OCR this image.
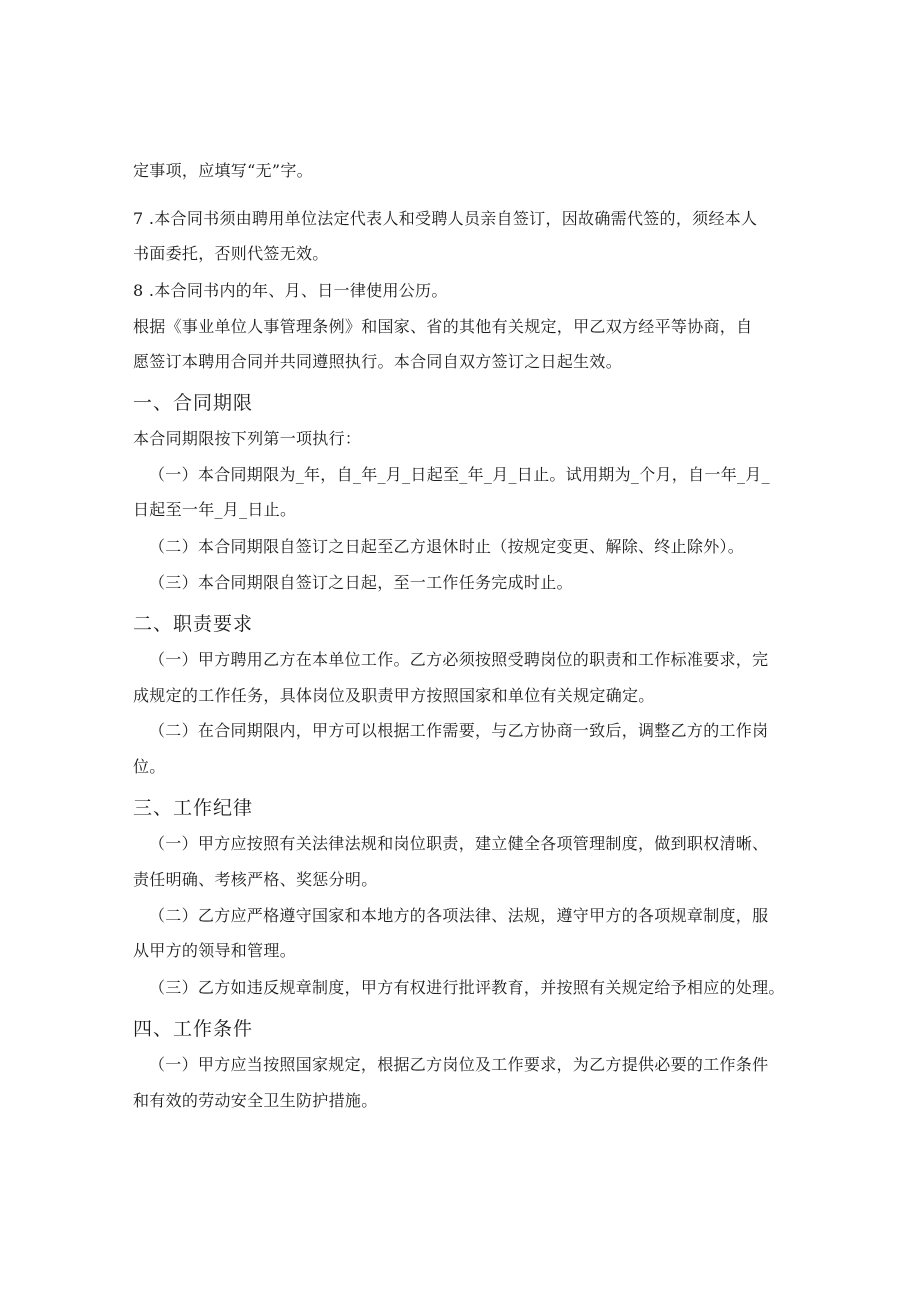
定事项，应填写“无”字。
7 .本合同书须由聘用单位法定代表人和受聘人员亲自签订，因故确需代签的，须经本人
书面委托，否则代签无效。
8 .本合同书内的年、月、日一律使用公历。
根据《事业单位人事管理条例》和国家、省的其他有关规定，甲乙双方经平等协商，自
愿签订本聘用合同并共同遵照执行。本合同自双方签订之日起生效。
一、合同期限
本合同期限按下列第一项执行：
（一）本合同期限为_年，自_年_月_日起至_年_月_日止。试用期为_个月，自一年_月_
日起至一年_月_日止。
（二）本合同期限自签订之日起至乙方退休时止（按规定变更、解除、终止除外）。
（三）本合同期限自签订之日起，至一工作任务完成时止。
二、职责要求
（一）甲方聘用乙方在本单位工作。乙方必须按照受聘岗位的职责和工作标准要求，完
成规定的工作任务，具体岗位及职责甲方按照国家和单位有关规定确定。
（二）在合同期限内，甲方可以根据工作需要，与乙方协商一致后，调整乙方的工作岗
位。
三、工作纪律
（一）甲方应按照有关法律法规和岗位职责，建立健全各项管理制度，做到职权清晰、
责任明确、考核严格、奖惩分明。
（二）乙方应严格遵守国家和本地方的各项法律、法规，遵守甲方的各项规章制度，服
从甲方的领导和管理。
（三）乙方如违反规章制度，甲方有权进行批评教育，并按照有关规定给予相应的处理。
四、工作条件
（一）甲方应当按照国家规定，根据乙方岗位及工作要求，为乙方提供必要的工作条件
和有效的劳动安全卫生防护措施。
